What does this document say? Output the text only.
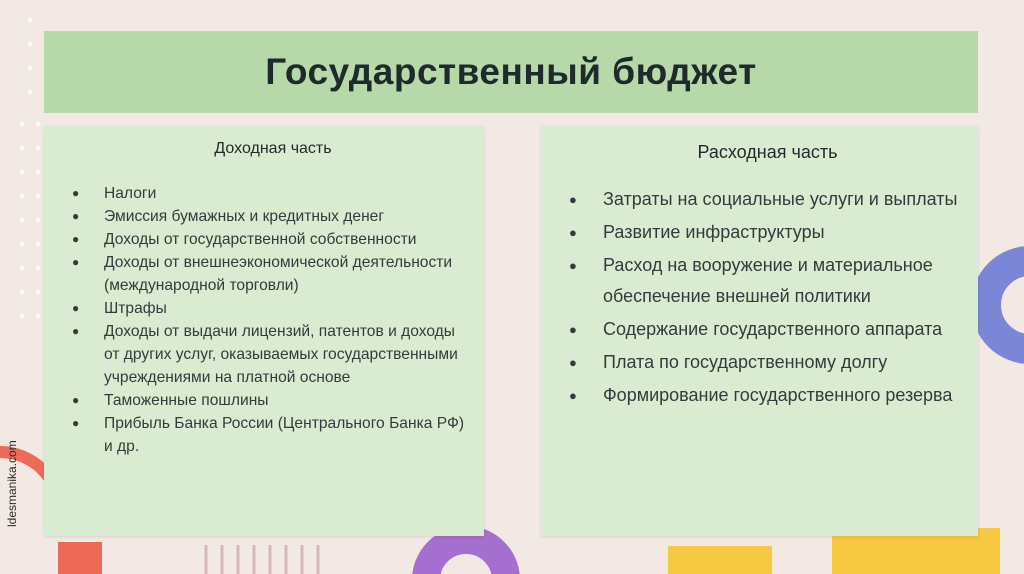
ldesmanika.com
Государственный бюджет
Доходная часть
● Налоги
● Эмиссия бумажных и кредитных денег
● Доходы от государственной собственности
● Доходы от внешнеэкономической деятельности (международной торговли)
● Штрафы
● Доходы от выдачи лицензий, патентов и доходы от других услуг, оказываемых государственными учреждениями на платной основе
● Таможенные пошлины
● Прибыль Банка России (Центрального Банка РФ) и др.
Расходная часть
● Затраты на социальные услуги и выплаты
● Развитие инфраструктуры
● Расход на вооружение и материальное обеспечение внешней политики
● Содержание государственного аппарата
● Плата по государственному долгу
● Формирование государственного резерва
